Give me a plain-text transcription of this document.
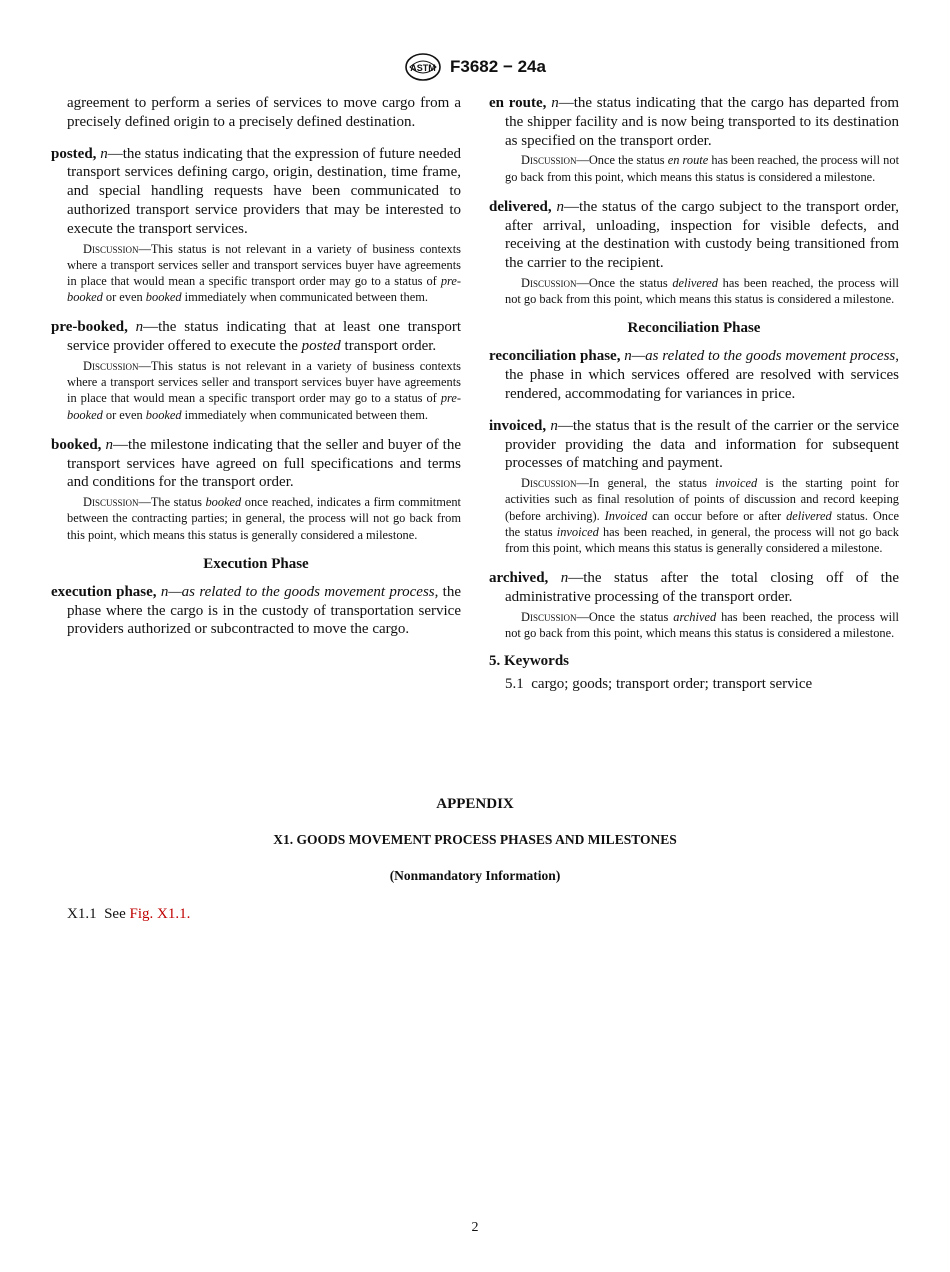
ASTM F3682 − 24a

agreement to perform a series of services to move cargo from a precisely defined origin to a precisely defined destination.

posted, n—the status indicating that the expression of future needed transport services defining cargo, origin, destination, time frame, and special handling requests have been communicated to authorized transport service providers that may be interested to execute the transport services.

Discussion—This status is not relevant in a variety of business contexts where a transport services seller and transport services buyer have agreements in place that would mean a specific transport order may go to a status of pre-booked or even booked immediately when communicated between them.

pre-booked, n—the status indicating that at least one transport service provider offered to execute the posted transport order.

Discussion—This status is not relevant in a variety of business contexts where a transport services seller and transport services buyer have agreements in place that would mean a specific transport order may go to a status of pre-booked or even booked immediately when communicated between them.

booked, n—the milestone indicating that the seller and buyer of the transport services have agreed on full specifications and terms and conditions for the transport order.

Discussion—The status booked once reached, indicates a firm commitment between the contracting parties; in general, the process will not go back from this point, which means this status is generally considered a milestone.

Execution Phase

execution phase, n—as related to the goods movement process, the phase where the cargo is in the custody of transportation service providers authorized or subcontracted to move the cargo.

en route, n—the status indicating that the cargo has departed from the shipper facility and is now being transported to its destination as specified on the transport order.

Discussion—Once the status en route has been reached, the process will not go back from this point, which means this status is considered a milestone.

delivered, n—the status of the cargo subject to the transport order, after arrival, unloading, inspection for visible defects, and receiving at the destination with custody being transitioned from the carrier to the recipient.

Discussion—Once the status delivered has been reached, the process will not go back from this point, which means this status is considered a milestone.

Reconciliation Phase

reconciliation phase, n—as related to the goods movement process, the phase in which services offered are resolved with services rendered, accommodating for variances in price.

invoiced, n—the status that is the result of the carrier or the service provider providing the data and information for subsequent processes of matching and payment.

Discussion—In general, the status invoiced is the starting point for activities such as final resolution of points of discussion and record keeping (before archiving). Invoiced can occur before or after delivered status. Once the status invoiced has been reached, in general, the process will not go back from this point, which means this status is generally considered a milestone.

archived, n—the status after the total closing off of the administrative processing of the transport order.

Discussion—Once the status archived has been reached, the process will not go back from this point, which means this status is considered a milestone.

5. Keywords

5.1 cargo; goods; transport order; transport service

APPENDIX
X1. GOODS MOVEMENT PROCESS PHASES AND MILESTONES
(Nonmandatory Information)
X1.1 See Fig. X1.1.
2
